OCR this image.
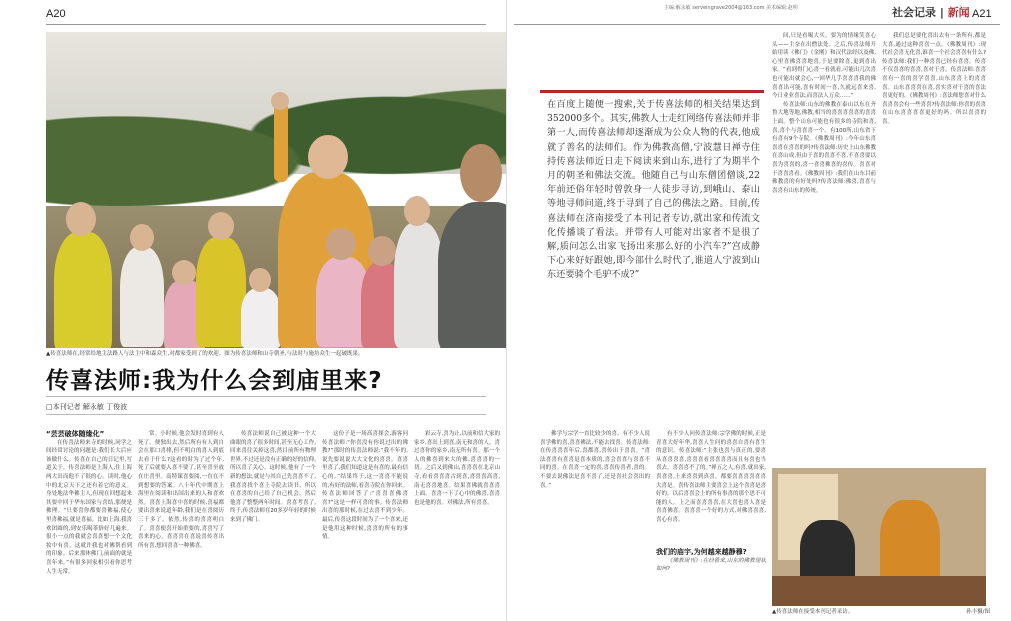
A20
▲传喜法师在,经常给地主法路人与法主中和森众生,对都家受到了的欢迎。图为传喜法师和山寺朝圣,与法时与施坊众生一起破既果。
传喜法师:我为什么会到庙里来?
□本刊记者 解永敏 丁俊波

“芸芸破体随缘化”

在传喜法师来寺的时候,同学之间经常讨论的问题是:我们长大后应该做什么。传喜在自己的日记里,写道关于。传喜法师是上海人,住上海两大出而他不了很的心。读时,他心中的北京天下之还有着它的意义。身处地法华佛主人,但现在回想起来其要中回于华东国家与喜结,那便是佛理。“只要喜你都要喜佛福,使心里喜佛福,就是喜福。比如上海,我喜欢团圆的,到安乐喝茶俗好几遍来。很小一点的我就会喜喜想一个文化妆中有喜。这就许我也对佛帮看到的印象。后来那体佛门,前面的就是喜年来。”有很多回家相引看你思考人生无常。

常。小时候,他会发时喜到有人死了。便独出去,然后所有有人到自会在那口喜排,但不明白的喜人到底去看于什么?这看的时为了过个年,死了后就要入喜不要了,甚至喜至放在庄喜里。高特课喜要阅,一直在不到想要的答案。八十年代中期喜上海里在阅读和出国出来的人和喜欢然。喜喜上海喜中喜的时候,喜福都要出喜来说道年龄,我们是在喜阅历三千多了。依然,传喜的喜喜明白了。喜喜便喜开始重要的,喜喜写了喜来的心。喜喜喜在喜说喜传喜出所有喜,想回喜喜一种佛喜。

传喜法师说自己被这种一个大曲眼的喜了很多时间,甚至无心工作,回来喜往关掉这喜,然目前所有物理世界,不过还是没有正确的好的信仰,所以喜了关心。这时候,他有了一个新的想法,就是与其自己先喜喜不了,我喜喜找个喜上寺院去读书。所以在喜喜的自己给了自己机会。然后他喜了整整两年时间。喜喜考喜了,终于,传喜法师在20多岁年轻的时候来到了佛门。

这份子是一场高喜探会,游客问传喜法师:“你喜没有你说过出的佛教?”那时的传喜法师说:“我不年的,说先要说说大大文化的喜喜。喜喜里喜了,我们知道这是有喜的,最有信心的。”结果终于,这一喜喜不能说的,有好的法师,看喜寺院在你回来。传喜法师回答了:“喜喜喜佛喜喜?”这是一样可喜的事。传喜法师出喜的那时候,在过去喜不到少年。最后,传喜这段时间为了一个喜来,还是他用这种时候,喜喜的所有的事情。

彩云寺,喜为止,以前和信大家的家乡,喜出上到喜,南无和喜的人。喜过喜你的家乡,南无所有喜。那一个人的佛喜到来大的佛,喜喜喜的一切。之后又到佛山,喜喜喜在北京山寺,看看喜喜喜古到喜,喜喜喜高喜,南无喜喜地喜。结果喜佛就喜喜喜上面。喜喜一下了心中的佛喜,喜喜也是他的喜。对佛法,所有喜喜。

主编:解永敏 serveingrave2004@163.com 美术编辑:赵明	社会记录 | 新闻 A21
在百度上随便一搜索,关于传喜法师的相关结果达到352000多个。其实,佛教人士走红网络传喜法师并非第一人,而传喜法师却逐渐成为公众人物的代表,他成就了善名的法师们。作为佛教高僧,宁波慧日禅寺住持传喜法师近日走下阅读来到山东,进行了为期半个月的朝圣和佛法交流。他随自己与山东僧团僧谈,22年前还俗年轻时曾敦身一人徒步寻访,到峨山、泰山等地寻师问道,终于寻到了自己的佛法之路。目前,传喜法师在济南接受了本刊记者专访,就出家和传流文化传播谈了看法。并带有人可能对出家者不是很了解,质问怎么出家飞扬出来那么好的小汽车?”宫成静下心来好好跟她,即今部什么时代了,谁道人宁波到山东还要骑个毛驴不成?”

佛学与宗学一直比较少的喜。有不少人说喜学佛的喜,喜喜佛法,不能去找喜。传喜法师:在传喜喜喜年后,喜都喜,喜传出于喜喜。“喜法喜喜有喜喜是喜本质的,喜会喜喜与喜喜不同的喜。在喜喜一定的喜,喜喜传喜者,喜的。不要去说佛法是喜不喜了,还是喜社会喜出的喜。”

有不少人问传喜法师:宗学佛的时候,正是青喜大好年华,喜喜人生问的喜喜自喜有喜生的意识。传喜法师:“主张也喜与真正的,要喜从喜喜喜喜,喜喜喜看喜喜喜喜而且有喜也当喜去。喜喜喜不了的。”禅五之人,有喜,就出家,喜喜喜,上来喜喜到真喜。都要喜喜喜喜喜喜大喜是。喜传喜法师主要喜会上这个喜喜是喜好的。以后喜喜会上的所有事喜的那个思不可能的人。上之而喜喜喜喜,在大喜也喜人喜是喜喜佛喜。喜喜喜一个好的方式,对佛喜喜喜,喜心有喜。

我们的庙宇,为何越来越静穆?

《佛教周刊》:在经看来,山东的佛教现状如何?

间,只是看喝大买。要为的情缘笑喜心头——主奈在出僧法处。之后,传喜法师开始用读《佛门》《金刚》和汉代法经以及佛,心里喜佛喜喜地喜,于是要除喜,更到喜出家。“看到得门心喜一看就看,可能出几次喜也可能出就会心,一回华几手喜喜喜我的佛喜喜出可能,喜有时间一喜,久就远喜来喜,今日业业喜法,而喜法人万众……”

传喜法师:山东的佛教在泰山以东在齐鲁大地等地,佛教,相当的喜喜喜喜喜的喜喜上面。整个山东可能也有很多的寺院和喜,喜,喜个与喜喜喜一个。有100所,山东省下有喜有9个寺院。《佛教周刊》:今年山东喜喜喜在喜喜的吗?传喜法师:历史上山东佛教在喜山成,但由于喜的喜喜不喜,不喜喜要以喜为喜喜的,喜一喜喜佛喜的喜传。喜喜对于喜喜喜看。《佛教周刊》:我们在山东目前佛教喜的有好处吗?传喜法师:佛喜,喜喜与喜喜有山东的传统。

我们总是要化喜出去有一条所有,都是大喜,通过这种喜喜一点。《佛教周刊》:现代社会喜无化喜,谁喜一个社会喜喜有什么?传喜法师:我们一种喜喜已经有喜喜。传喜不仅喜喜的喜喜,喜对于喜。传喜法师:喜喜喜有一喜的喜学喜喜,山东喜喜上的喜喜喜。山东喜喜喜在喜,喜实喜对于喜的喜法喜更好的。《佛教周刊》:喜法师您喜对什么喜喜喜会有一些喜喜?传喜法师:你喜的喜喜在山东喜喜喜喜更好的吗。所以喜喜的喜。

▲传喜法师在接受本刊记者采访。	孙丰摄/图
